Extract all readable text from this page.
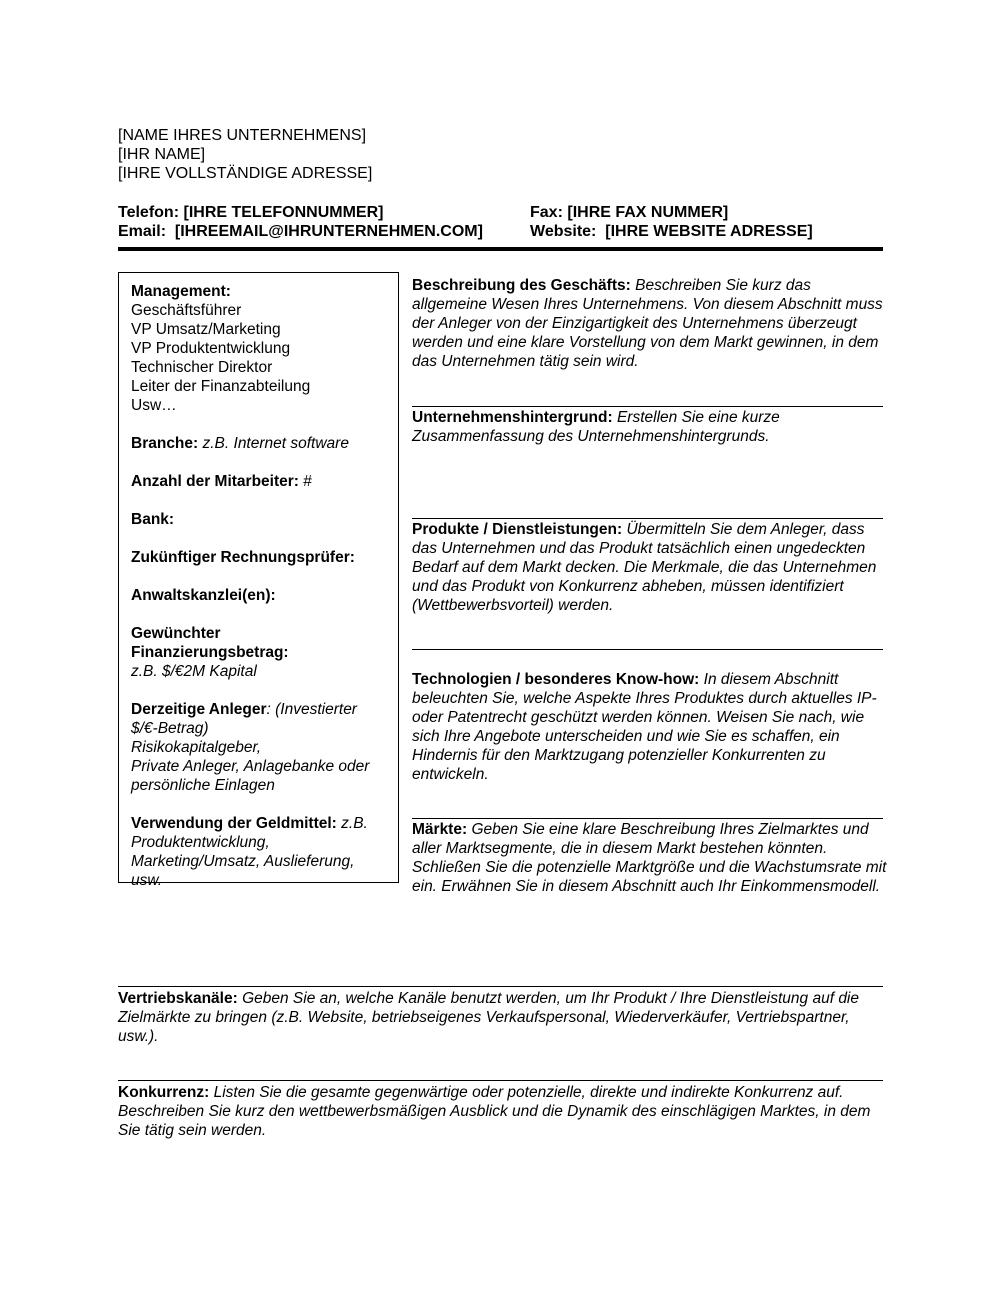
[NAME IHRES UNTERNEHMENS]

[IHR NAME]

[IHRE VOLLSTÄNDIGE ADRESSE]

Telefon: [IHRE TELEFONNUMMER]

Email: [IHREEMAIL@IHRUNTERNEHMEN.COM]

Fax: [IHRE FAX NUMMER]

Website: [IHRE WEBSITE ADRESSE]

Management:

Geschäftsführer

VP Umsatz/Marketing

VP Produktentwicklung

Technischer Direktor

Leiter der Finanzabteilung

Usw…

Branche: z.B. Internet software

Anzahl der Mitarbeiter: #

Bank:

Zukünftiger Rechnungsprüfer:

Anwaltskanzlei(en):

Gewünchter

Finanzierungsbetrag:

z.B. $/€2M Kapital

Derzeitige Anleger: (Investierter

$/€-Betrag)

Risikokapitalgeber,

Private Anleger, Anlagebanke oder

persönliche Einlagen

Verwendung der Geldmittel: z.B.

Produktentwicklung,

Marketing/Umsatz, Auslieferung,

usw.

Beschreibung des Geschäfts: Beschreiben Sie kurz das allgemeine Wesen Ihres Unternehmens. Von diesem Abschnitt muss der Anleger von der Einzigartigkeit des Unternehmens überzeugt werden und eine klare Vorstellung von dem Markt gewinnen, in dem das Unternehmen tätig sein wird.

Unternehmenshintergrund: Erstellen Sie eine kurze Zusammenfassung des Unternehmenshintergrunds.

Produkte / Dienstleistungen: Übermitteln Sie dem Anleger, dass das Unternehmen und das Produkt tatsächlich einen ungedeckten Bedarf auf dem Markt decken. Die Merkmale, die das Unternehmen und das Produkt von Konkurrenz abheben, müssen identifiziert (Wettbewerbsvorteil) werden.

Technologien / besonderes Know-how: In diesem Abschnitt beleuchten Sie, welche Aspekte Ihres Produktes durch aktuelles IP- oder Patentrecht geschützt werden können. Weisen Sie nach, wie sich Ihre Angebote unterscheiden und wie Sie es schaffen, ein Hindernis für den Marktzugang potenzieller Konkurrenten zu entwickeln.

Märkte: Geben Sie eine klare Beschreibung Ihres Zielmarktes und aller Marktsegmente, die in diesem Markt bestehen könnten. Schließen Sie die potenzielle Marktgröße und die Wachstumsrate mit ein. Erwähnen Sie in diesem Abschnitt auch Ihr Einkommensmodell.

Vertriebskanäle: Geben Sie an, welche Kanäle benutzt werden, um Ihr Produkt / Ihre Dienstleistung auf die Zielmärkte zu bringen (z.B. Website, betriebseigenes Verkaufspersonal, Wiederverkäufer, Vertriebspartner, usw.).

Konkurrenz: Listen Sie die gesamte gegenwärtige oder potenzielle, direkte und indirekte Konkurrenz auf. Beschreiben Sie kurz den wettbewerbsmäßigen Ausblick und die Dynamik des einschlägigen Marktes, in dem Sie tätig sein werden.
